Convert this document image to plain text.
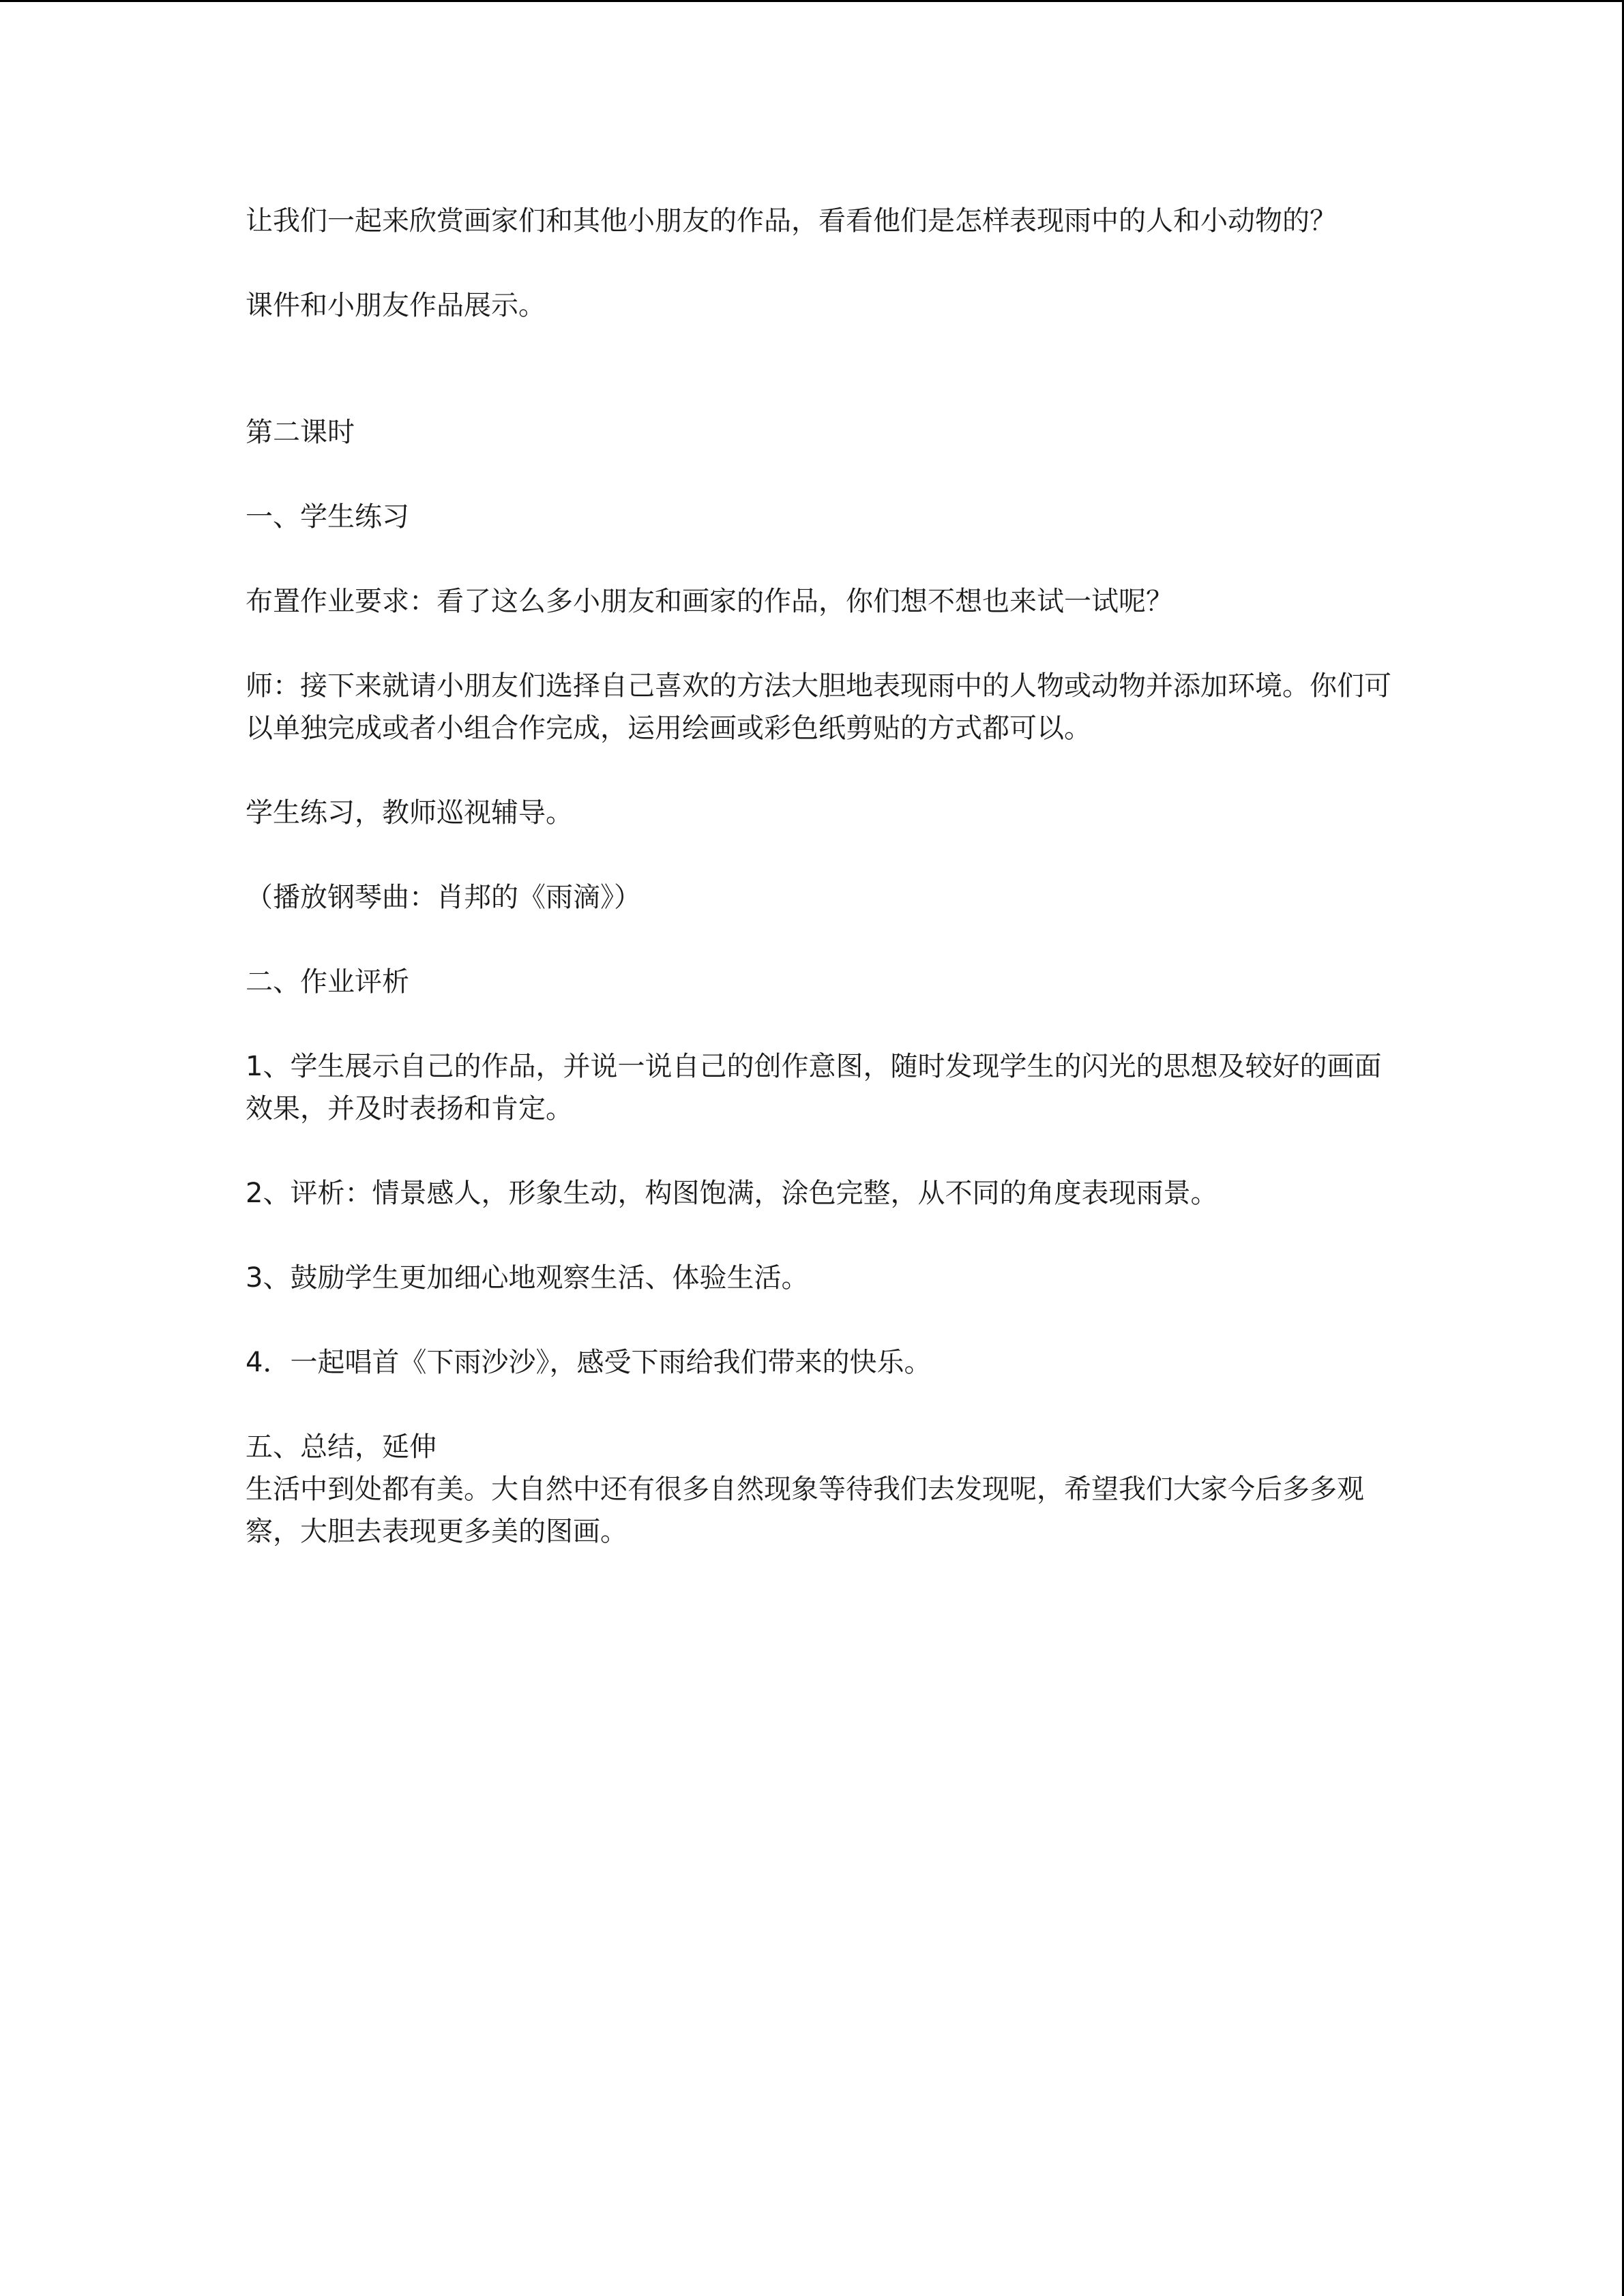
让我们一起来欣赏画家们和其他小朋友的作品，看看他们是怎样表现雨中的人和小动物的？

课件和小朋友作品展示。

第二课时

一、学生练习

布置作业要求：看了这么多小朋友和画家的作品，你们想不想也来试一试呢？

师：接下来就请小朋友们选择自己喜欢的方法大胆地表现雨中的人物或动物并添加环境。你们可以单独完成或者小组合作完成，运用绘画或彩色纸剪贴的方式都可以。

学生练习，教师巡视辅导。

（播放钢琴曲：肖邦的《雨滴》）

二、作业评析

1、学生展示自己的作品，并说一说自己的创作意图，随时发现学生的闪光的思想及较好的画面效果，并及时表扬和肯定。

2、评析：情景感人，形象生动，构图饱满，涂色完整，从不同的角度表现雨景。

3、鼓励学生更加细心地观察生活、体验生活。

4．一起唱首《下雨沙沙》，感受下雨给我们带来的快乐。

五、总结，延伸

生活中到处都有美。大自然中还有很多自然现象等待我们去发现呢，希望我们大家今后多多观察，大胆去表现更多美的图画。
